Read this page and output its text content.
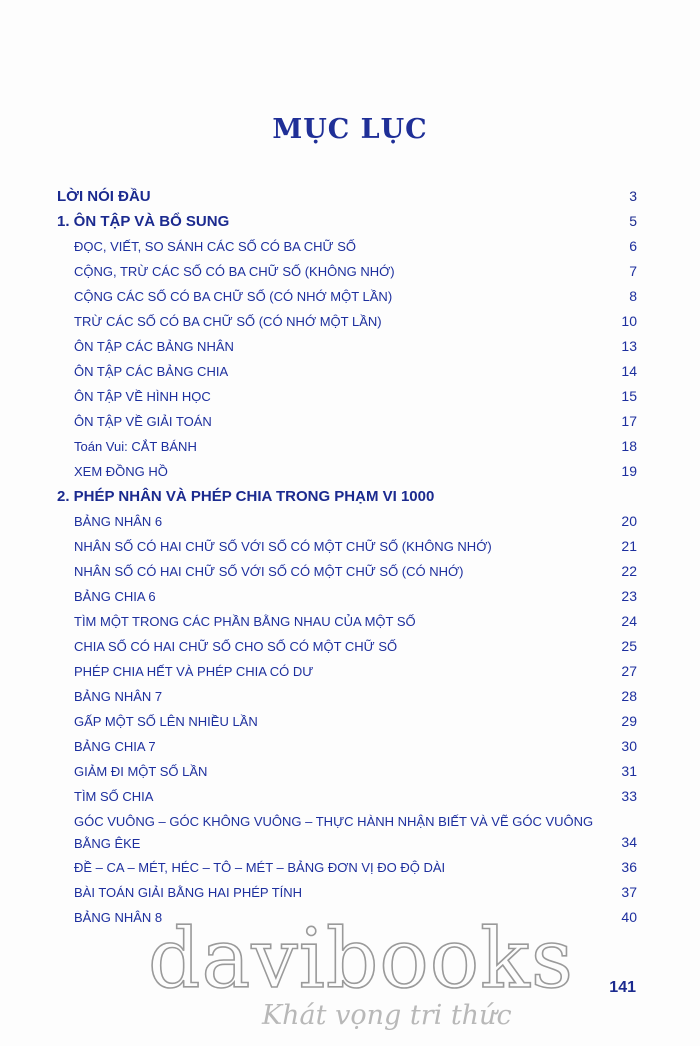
MỤC LỤC
LỜI NÓI ĐẦU	3
1. ÔN TẬP VÀ BỔ SUNG	5
ĐỌC, VIẾT, SO SÁNH CÁC SỐ CÓ BA CHỮ SỐ	6
CỘNG, TRỪ CÁC SỐ CÓ BA CHỮ SỐ (KHÔNG NHỚ)	7
CỘNG CÁC SỐ CÓ BA CHỮ SỐ (CÓ NHỚ MỘT LẦN)	8
TRỪ CÁC SỐ CÓ BA CHỮ SỐ (CÓ NHỚ MỘT LẦN)	10
ÔN TẬP CÁC BẢNG NHÂN	13
ÔN TẬP CÁC BẢNG CHIA	14
ÔN TẬP VỀ HÌNH HỌC	15
ÔN TẬP VỀ GIẢI TOÁN	17
Toán Vui: CẮT BÁNH	18
XEM ĐỒNG HỒ	19
2. PHÉP NHÂN VÀ PHÉP CHIA TRONG PHẠM VI 1000
BẢNG NHÂN 6	20
NHÂN SỐ CÓ HAI CHỮ SỐ VỚI SỐ CÓ MỘT CHỮ SỐ (KHÔNG NHỚ)	21
NHÂN SỐ CÓ HAI CHỮ SỐ VỚI SỐ CÓ MỘT CHỮ SỐ (CÓ NHỚ)	22
BẢNG CHIA 6	23
TÌM MỘT TRONG CÁC PHẦN BẰNG NHAU CỦA MỘT SỐ	24
CHIA SỐ CÓ HAI CHỮ SỐ CHO SỐ CÓ MỘT CHỮ SỐ	25
PHÉP CHIA HẾT VÀ PHÉP CHIA CÓ DƯ	27
BẢNG NHÂN 7	28
GẤP MỘT SỐ LÊN NHIỀU LẦN	29
BẢNG CHIA 7	30
GIẢM ĐI MỘT SỐ LẦN	31
TÌM SỐ CHIA	33
GÓC VUÔNG – GÓC KHÔNG VUÔNG – THỰC HÀNH NHẬN BIẾT VÀ VẼ GÓC VUÔNG BẰNG ÊKE	34
ĐỀ – CA – MÉT, HÉC – TÔ – MÉT – BẢNG ĐƠN VỊ ĐO ĐỘ DÀI	36
BÀI TOÁN GIẢI BẰNG HAI PHÉP TÍNH	37
BẢNG NHÂN 8	40
141
davibooks
Khát vọng tri thức
